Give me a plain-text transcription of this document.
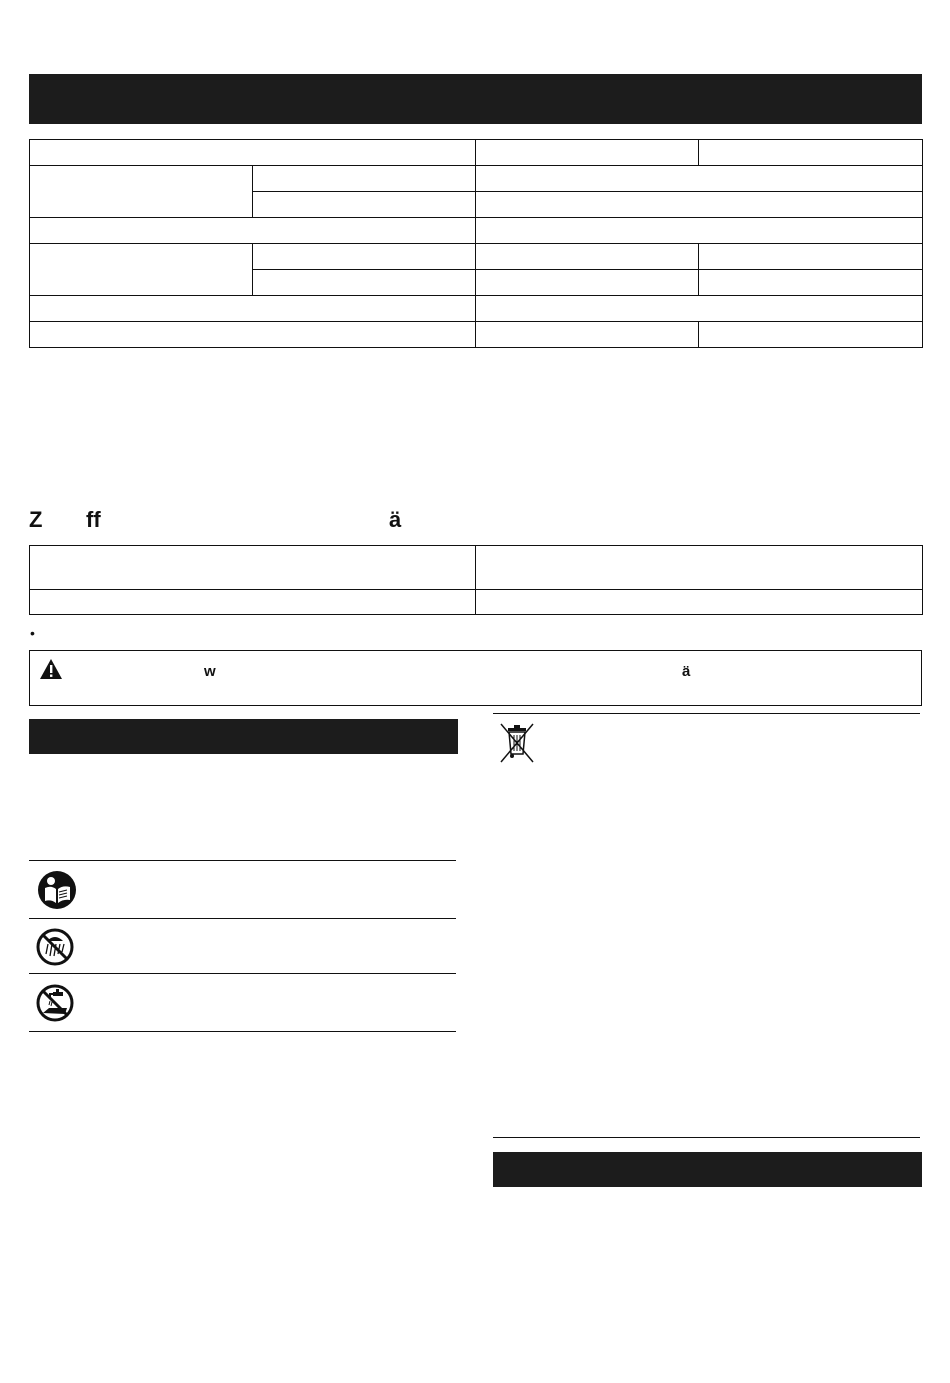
Z ff	ä

•
w	ä
